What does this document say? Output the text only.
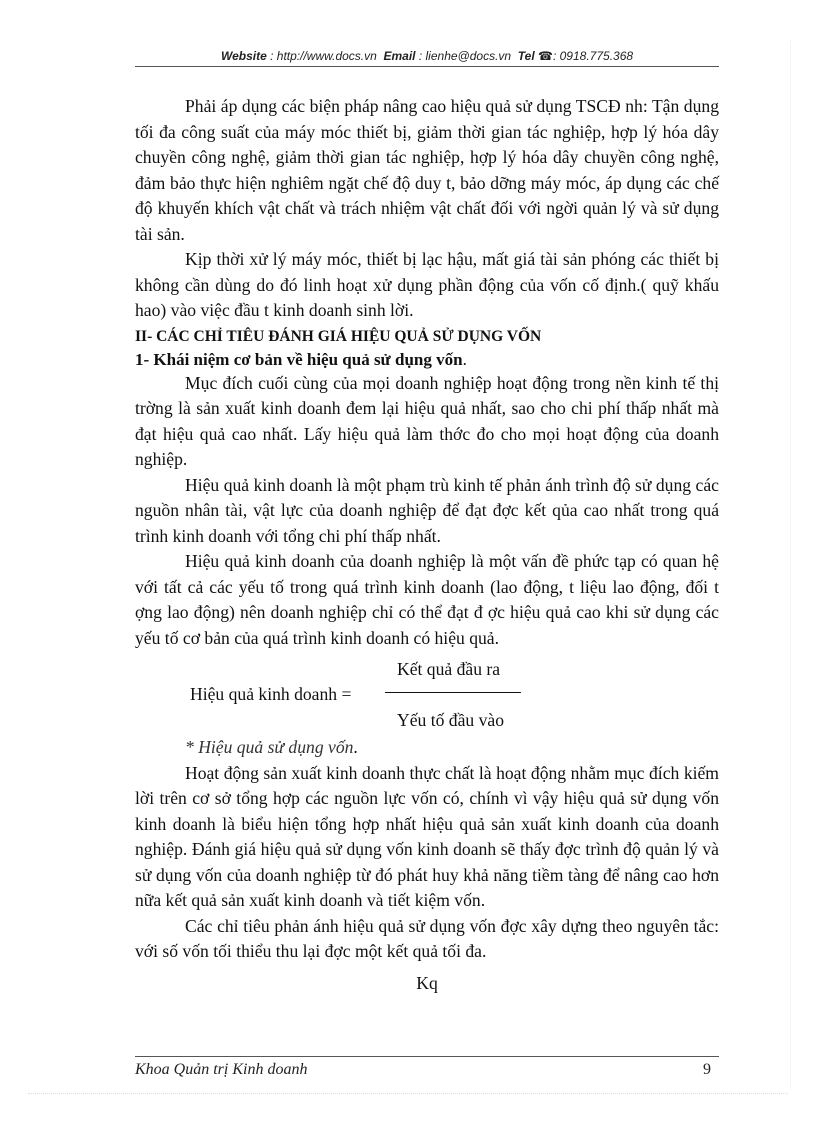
Website : http://www.docs.vn Email : lienhe@docs.vn Tel ☎: 0918.775.368

Phải áp dụng các biện pháp nâng cao hiệu quả sử dụng TSCĐ nh: Tận dụng tối đa công suất của máy móc thiết bị, giảm thời gian tác nghiệp, hợp lý hóa dây chuyền công nghệ, giảm thời gian tác nghiệp, hợp lý hóa dây chuyền công nghệ, đảm bảo thực hiện nghiêm ngặt chế độ duy t, bảo dỡng máy móc, áp dụng các chế độ khuyến khích vật chất và trách nhiệm vật chất đối với ngời quản lý và sử dụng tài sản.

Kịp thời xử lý máy móc, thiết bị lạc hậu, mất giá tài sản phóng các thiết bị không cần dùng do đó linh hoạt xử dụng phần động của vốn cố định.( quỹ khấu hao) vào việc đầu t kinh doanh sinh lời.

II- CÁC CHỈ TIÊU ĐÁNH GIÁ HIỆU QUẢ SỬ DỤNG VỐN

1- Khái niệm cơ bản về hiệu quả sử dụng vốn.

Mục đích cuối cùng của mọi doanh nghiệp hoạt động trong nền kinh tế thị trờng là sản xuất kinh doanh đem lại hiệu quả nhất, sao cho chi phí thấp nhất mà đạt hiệu quả cao nhất. Lấy hiệu quả làm thớc đo cho mọi hoạt động của doanh nghiệp.

Hiệu quả kinh doanh là một phạm trù kinh tế phản ánh trình độ sử dụng các nguồn nhân tài, vật lực của doanh nghiệp để đạt đợc kết qủa cao nhất trong quá trình kinh doanh với tổng chi phí thấp nhất.

Hiệu quả kinh doanh của doanh nghiệp là một vấn đề phức tạp có quan hệ với tất cả các yếu tố trong quá trình kinh doanh (lao động, t liệu lao động, đối t ợng lao động) nên doanh nghiệp chỉ có thể đạt đ ợc hiệu quả cao khi sử dụng các yếu tố cơ bản của quá trình kinh doanh có hiệu quả.

Kết quả đầu ra
Hiệu quả kinh doanh =
Yếu tố đầu vào

* Hiệu quả sử dụng vốn.

Hoạt động sản xuất kinh doanh thực chất là hoạt động nhằm mục đích kiếm lời trên cơ sở tổng hợp các nguồn lực vốn có, chính vì vậy hiệu quả sử dụng vốn kinh doanh là biểu hiện tổng hợp nhất hiệu quả sản xuất kinh doanh của doanh nghiệp. Đánh giá hiệu quả sử dụng vốn kinh doanh sẽ thấy đợc trình độ quản lý và sử dụng vốn của doanh nghiệp từ đó phát huy khả năng tiềm tàng để nâng cao hơn nữa kết quả sản xuất kinh doanh và tiết kiệm vốn.

Các chỉ tiêu phản ánh hiệu quả sử dụng vốn đợc xây dựng theo nguyên tắc: với số vốn tối thiểu thu lại đợc một kết quả tối đa.

Kq

Khoa Quản trị Kinh doanh	9
